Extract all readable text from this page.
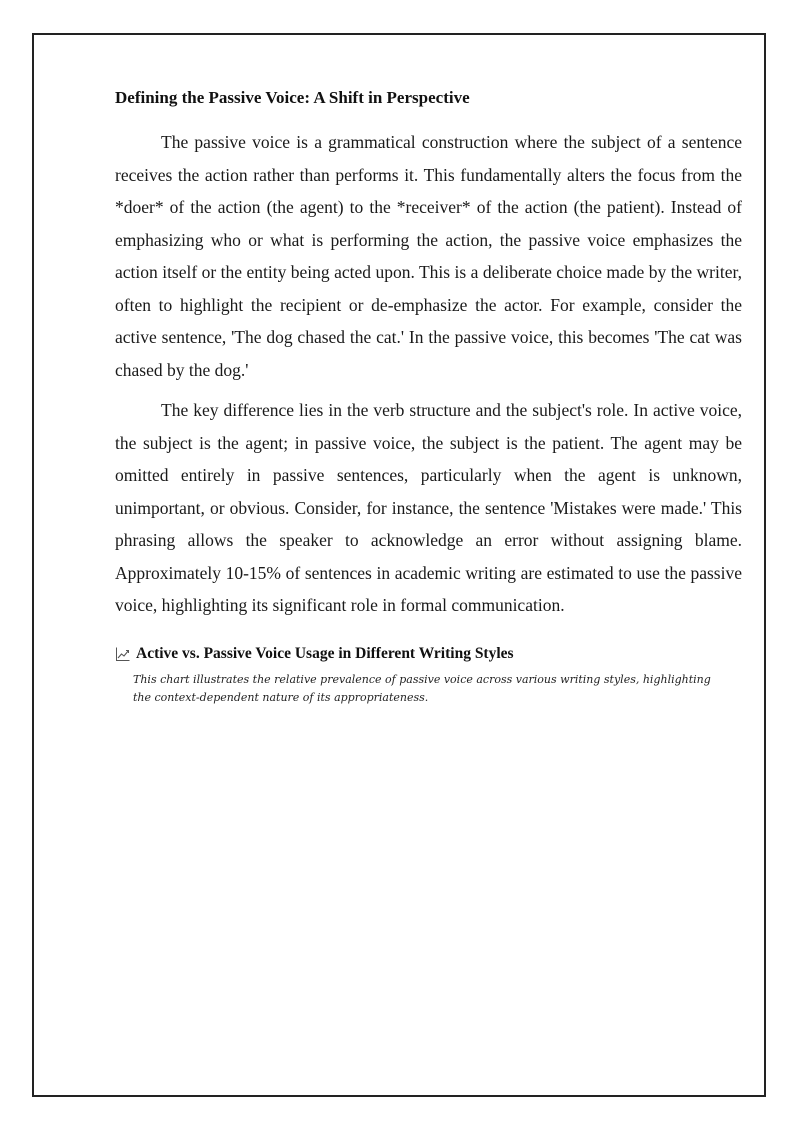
Defining the Passive Voice: A Shift in Perspective

The passive voice is a grammatical construction where the subject of a sentence receives the action rather than performs it. This fundamentally alters the focus from the *doer* of the action (the agent) to the *receiver* of the action (the patient). Instead of emphasizing who or what is performing the action, the passive voice emphasizes the action itself or the entity being acted upon. This is a deliberate choice made by the writer, often to highlight the recipient or de-emphasize the actor. For example, consider the active sentence, 'The dog chased the cat.' In the passive voice, this becomes 'The cat was chased by the dog.'

The key difference lies in the verb structure and the subject's role. In active voice, the subject is the agent; in passive voice, the subject is the patient. The agent may be omitted entirely in passive sentences, particularly when the agent is unknown, unimportant, or obvious. Consider, for instance, the sentence 'Mistakes were made.' This phrasing allows the speaker to acknowledge an error without assigning blame. Approximately 10-15% of sentences in academic writing are estimated to use the passive voice, highlighting its significant role in formal communication.

Active vs. Passive Voice Usage in Different Writing Styles

This chart illustrates the relative prevalence of passive voice across various writing styles, highlighting the context-dependent nature of its appropriateness.
